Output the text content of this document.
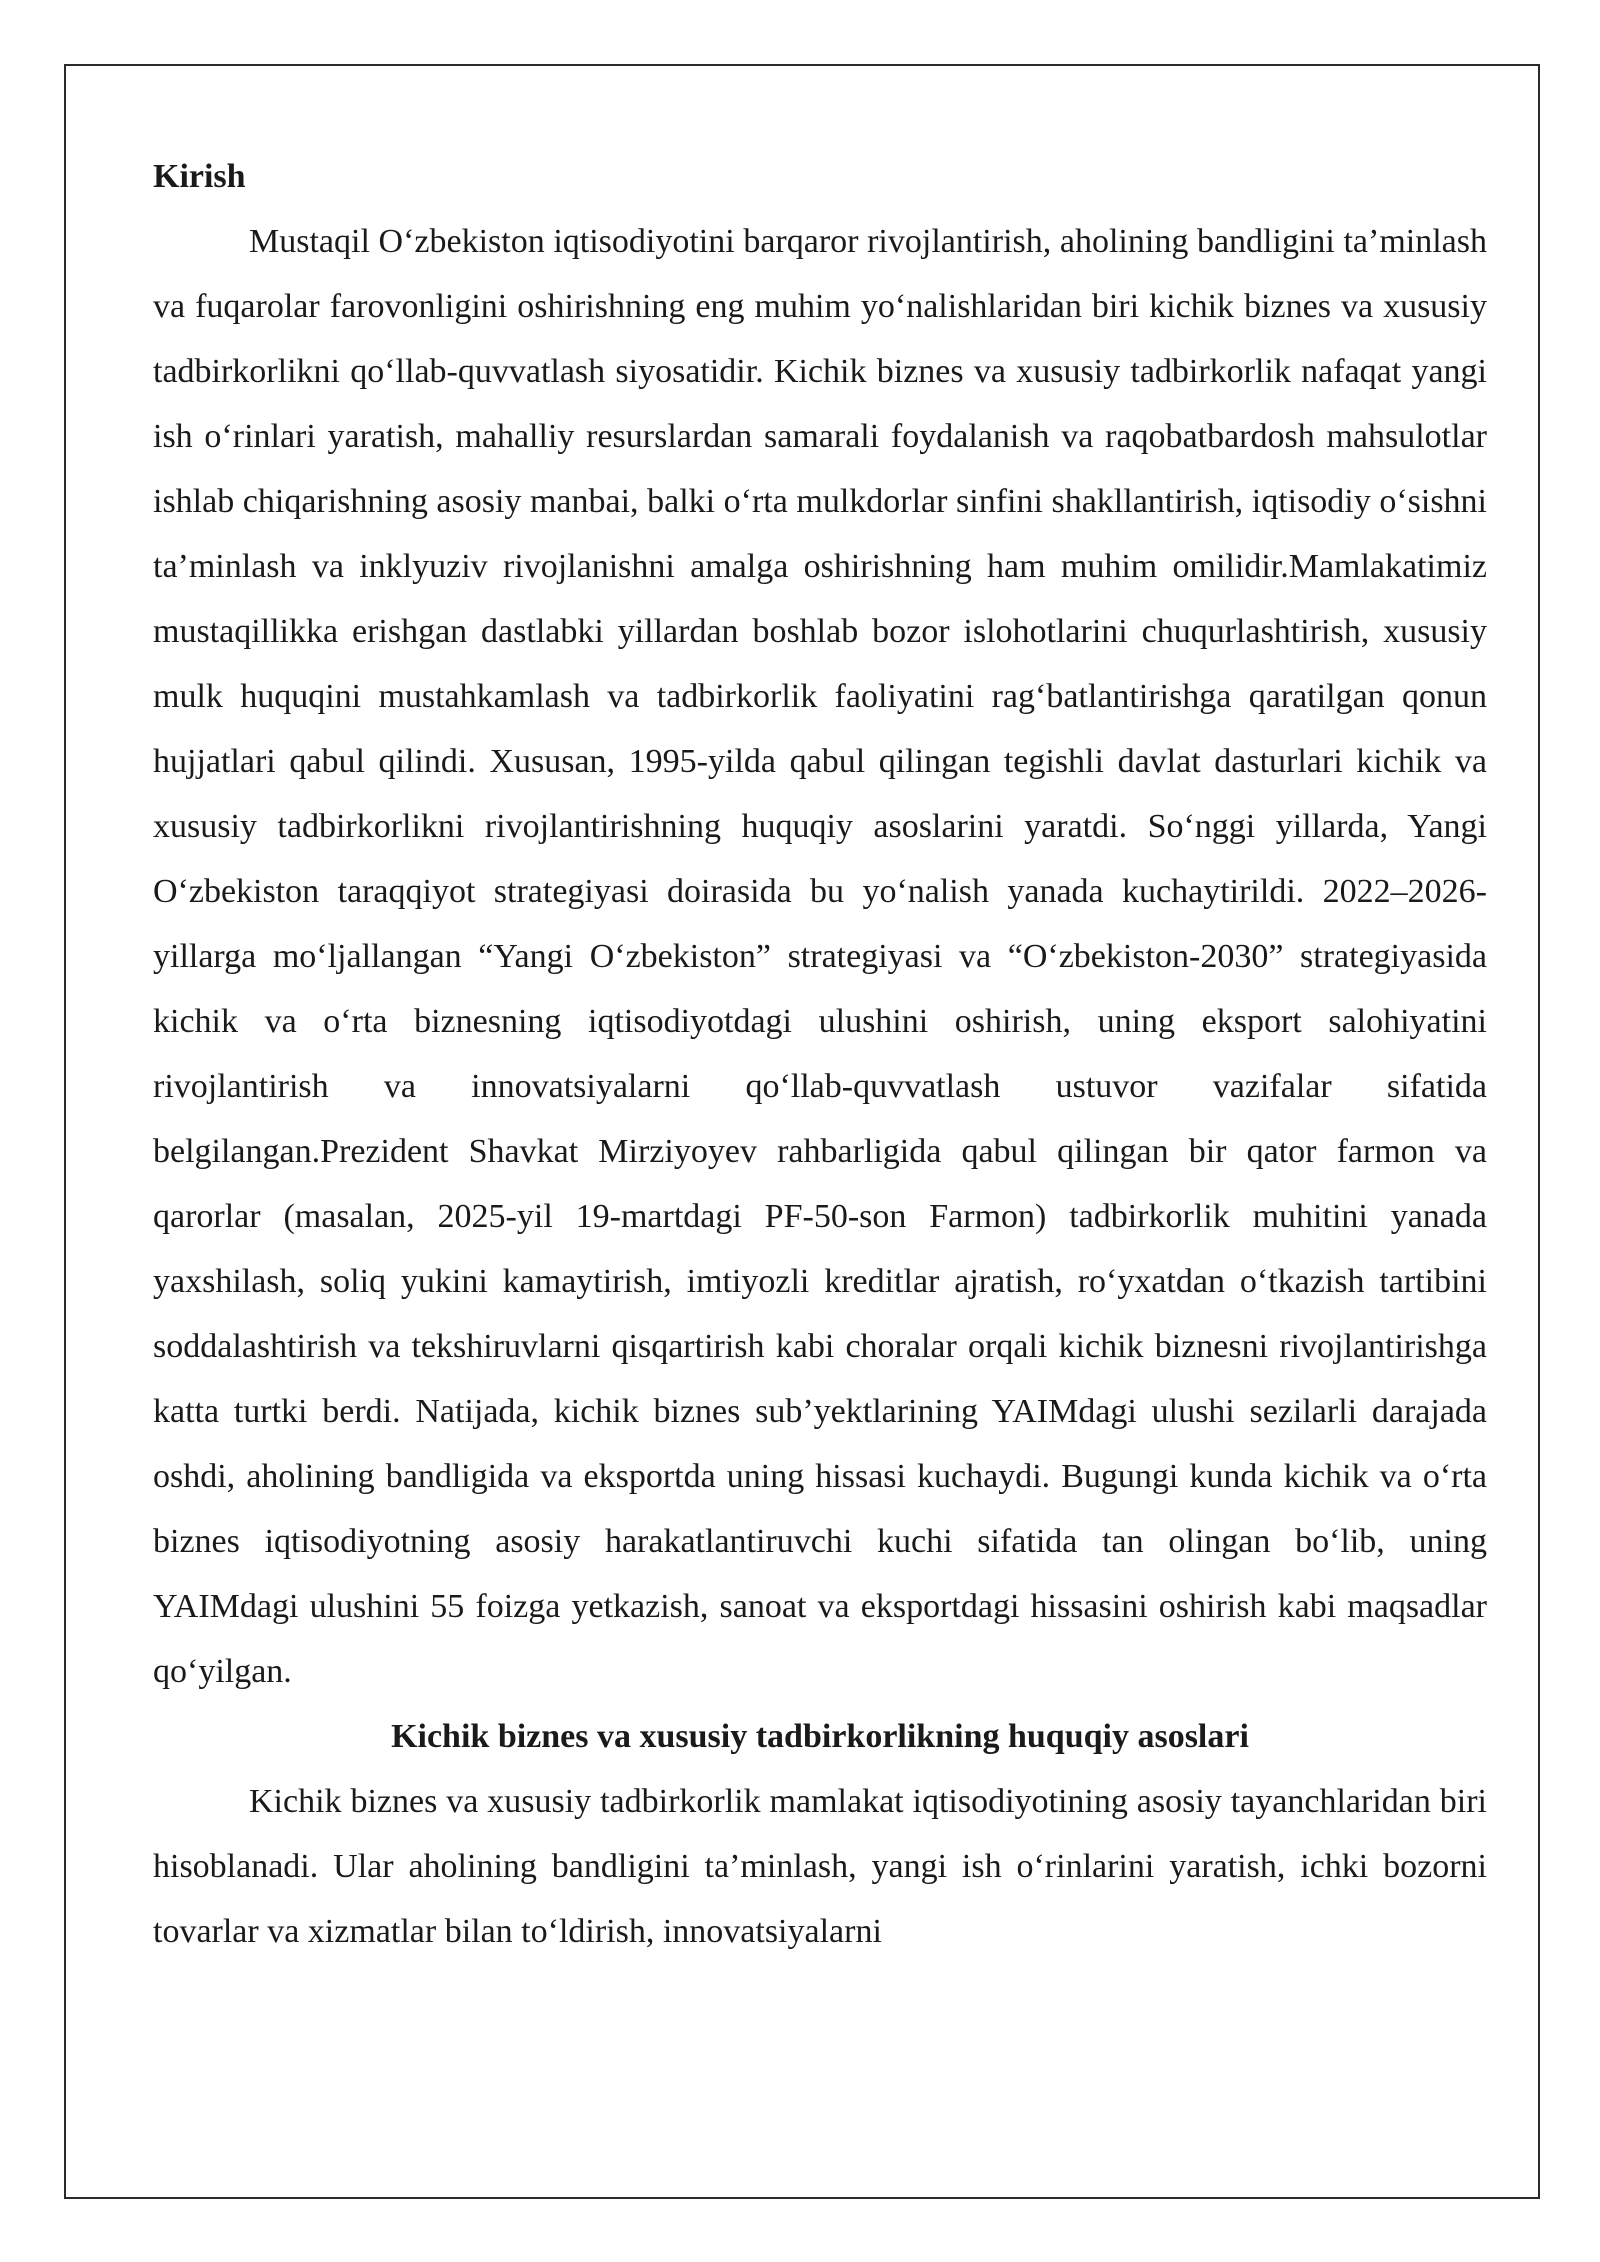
Kirish

Mustaqil O‘zbekiston iqtisodiyotini barqaror rivojlantirish, aholining bandligini ta’minlash va fuqarolar farovonligini oshirishning eng muhim yo‘nalishlaridan biri kichik biznes va xususiy tadbirkorlikni qo‘llab-quvvatlash siyosatidir. Kichik biznes va xususiy tadbirkorlik nafaqat yangi ish o‘rinlari yaratish, mahalliy resurslardan samarali foydalanish va raqobatbardosh mahsulotlar ishlab chiqarishning asosiy manbai, balki o‘rta mulkdorlar sinfini shakllantirish, iqtisodiy o‘sishni ta’minlash va inklyuziv rivojlanishni amalga oshirishning ham muhim omilidir.Mamlakatimiz mustaqillikka erishgan dastlabki yillardan boshlab bozor islohotlarini chuqurlashtirish, xususiy mulk huquqini mustahkamlash va tadbirkorlik faoliyatini rag‘batlantirishga qaratilgan qonun hujjatlari qabul qilindi. Xususan, 1995-yilda qabul qilingan tegishli davlat dasturlari kichik va xususiy tadbirkorlikni rivojlantirishning huquqiy asoslarini yaratdi. So‘nggi yillarda, Yangi O‘zbekiston taraqqiyot strategiyasi doirasida bu yo‘nalish yanada kuchaytirildi. 2022–2026-yillarga mo‘ljallangan “Yangi O‘zbekiston” strategiyasi va “O‘zbekiston-2030” strategiyasida kichik va o‘rta biznesning iqtisodiyotdagi ulushini oshirish, uning eksport salohiyatini rivojlantirish va innovatsiyalarni qo‘llab-quvvatlash ustuvor vazifalar sifatida belgilangan.Prezident Shavkat Mirziyoyev rahbarligida qabul qilingan bir qator farmon va qarorlar (masalan, 2025-yil 19-martdagi PF-50-son Farmon) tadbirkorlik muhitini yanada yaxshilash, soliq yukini kamaytirish, imtiyozli kreditlar ajratish, ro‘yxatdan o‘tkazish tartibini soddalashtirish va tekshiruvlarni qisqartirish kabi choralar orqali kichik biznesni rivojlantirishga katta turtki berdi. Natijada, kichik biznes sub’yektlarining YAIMdagi ulushi sezilarli darajada oshdi, aholining bandligida va eksportda uning hissasi kuchaydi. Bugungi kunda kichik va o‘rta biznes iqtisodiyotning asosiy harakatlantiruvchi kuchi sifatida tan olingan bo‘lib, uning YAIMdagi ulushini 55 foizga yetkazish, sanoat va eksportdagi hissasini oshirish kabi maqsadlar qo‘yilgan.

Kichik biznes va xususiy tadbirkorlikning huquqiy asoslari

Kichik biznes va xususiy tadbirkorlik mamlakat iqtisodiyotining asosiy tayanchlaridan biri hisoblanadi. Ular aholining bandligini ta’minlash, yangi ish o‘rinlarini yaratish, ichki bozorni tovarlar va xizmatlar bilan to‘ldirish, innovatsiyalarni
